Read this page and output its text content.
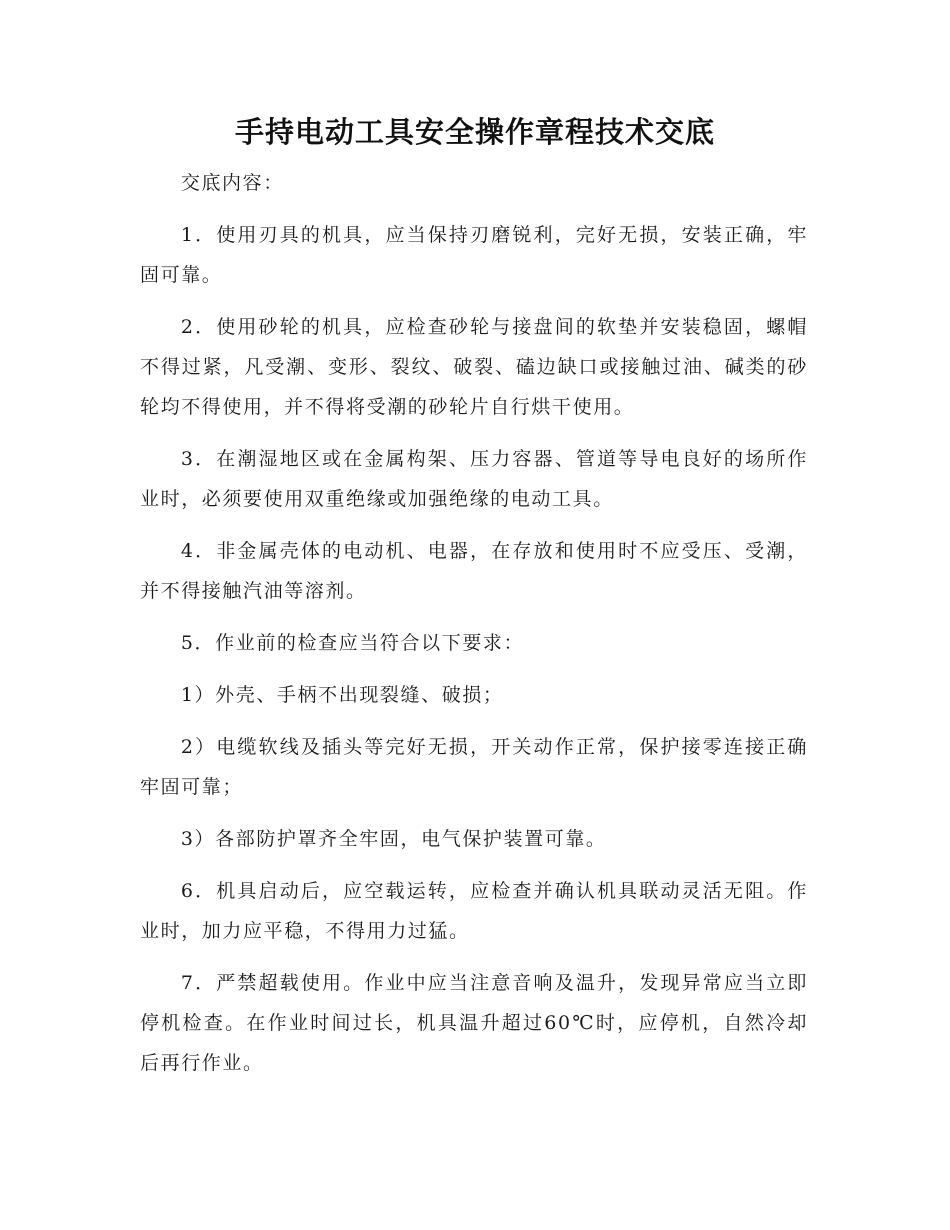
手持电动工具安全操作章程技术交底

交底内容：

1．使用刃具的机具，应当保持刃磨锐利，完好无损，安装正确，牢固可靠。

2．使用砂轮的机具，应检查砂轮与接盘间的软垫并安装稳固，螺帽不得过紧，凡受潮、变形、裂纹、破裂、磕边缺口或接触过油、碱类的砂轮均不得使用，并不得将受潮的砂轮片自行烘干使用。

3．在潮湿地区或在金属构架、压力容器、管道等导电良好的场所作业时，必须要使用双重绝缘或加强绝缘的电动工具。

4．非金属壳体的电动机、电器，在存放和使用时不应受压、受潮，并不得接触汽油等溶剂。

5．作业前的检查应当符合以下要求：

1）外壳、手柄不出现裂缝、破损；

2）电缆软线及插头等完好无损，开关动作正常，保护接零连接正确牢固可靠；

3）各部防护罩齐全牢固，电气保护装置可靠。

6．机具启动后，应空载运转，应检查并确认机具联动灵活无阻。作业时，加力应平稳，不得用力过猛。

7．严禁超载使用。作业中应当注意音响及温升，发现异常应当立即停机检查。在作业时间过长，机具温升超过60℃时，应停机，自然冷却后再行作业。
